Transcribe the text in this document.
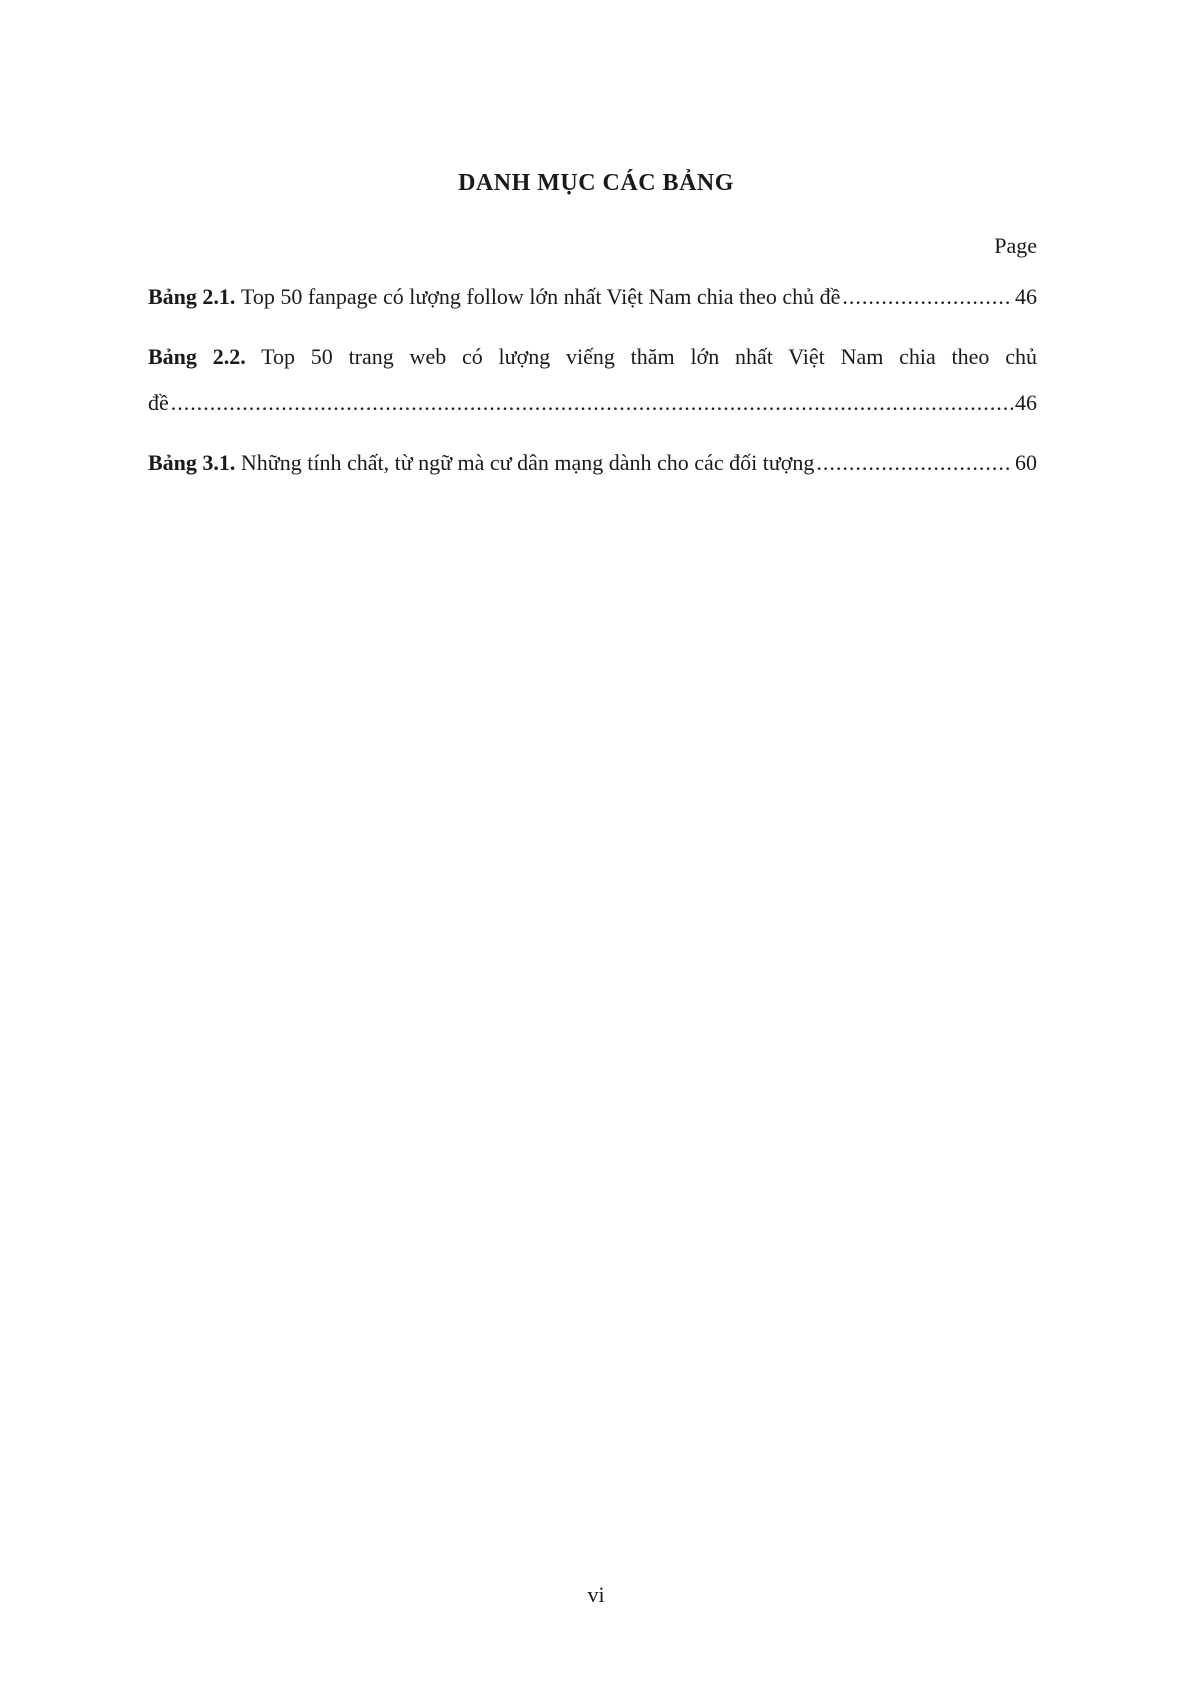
DANH MỤC CÁC BẢNG
Page
Bảng 2.1.
Top 50 fanpage có lượng follow lớn nhất Việt Nam chia theo chủ đề .....	46
Bảng 2.2. Top 50 trang web có lượng viếng thăm lớn nhất Việt Nam chia theo chủ
đề .....	46
Bảng 3.1.
Những tính chất, từ ngữ mà cư dân mạng dành cho các đối tượng .....	60
vi
